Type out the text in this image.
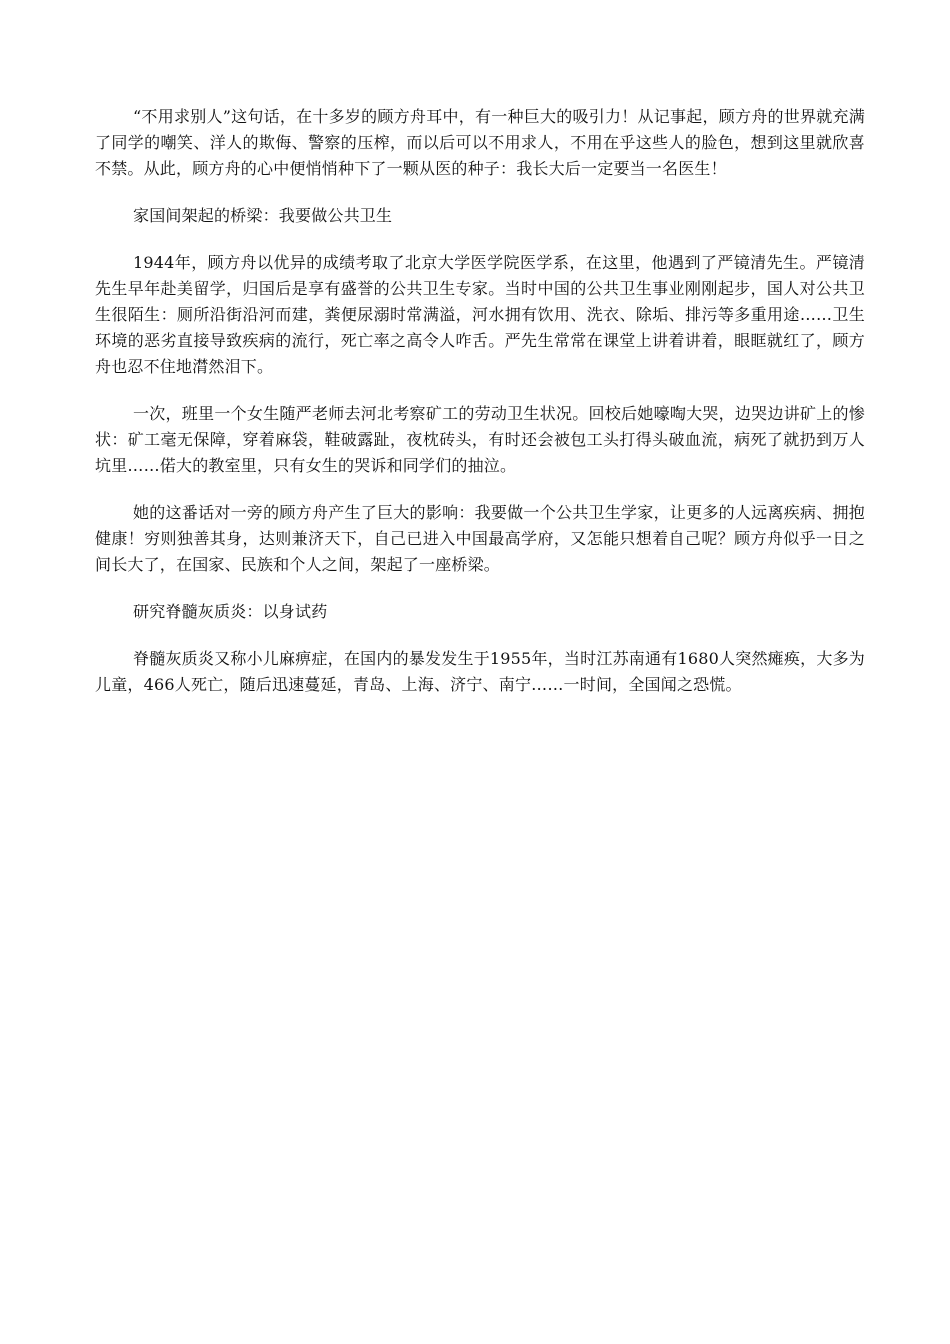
“不用求别人”这句话，在十多岁的顾方舟耳中，有一种巨大的吸引力！从记事起，顾方舟的世界就充满了同学的嘲笑、洋人的欺侮、警察的压榨，而以后可以不用求人，不用在乎这些人的脸色，想到这里就欣喜不禁。从此，顾方舟的心中便悄悄种下了一颗从医的种子：我长大后一定要当一名医生！

家国间架起的桥梁：我要做公共卫生

1944年，顾方舟以优异的成绩考取了北京大学医学院医学系，在这里，他遇到了严镜清先生。严镜清先生早年赴美留学，归国后是享有盛誉的公共卫生专家。当时中国的公共卫生事业刚刚起步，国人对公共卫生很陌生：厕所沿街沿河而建，粪便尿溺时常满溢，河水拥有饮用、洗衣、除垢、排污等多重用途……卫生环境的恶劣直接导致疾病的流行，死亡率之高令人咋舌。严先生常常在课堂上讲着讲着，眼眶就红了，顾方舟也忍不住地潸然泪下。

一次，班里一个女生随严老师去河北考察矿工的劳动卫生状况。回校后她嚎啕大哭，边哭边讲矿上的惨状：矿工毫无保障，穿着麻袋，鞋破露趾，夜枕砖头，有时还会被包工头打得头破血流，病死了就扔到万人坑里……偌大的教室里，只有女生的哭诉和同学们的抽泣。

她的这番话对一旁的顾方舟产生了巨大的影响：我要做一个公共卫生学家，让更多的人远离疾病、拥抱健康！穷则独善其身，达则兼济天下，自己已进入中国最高学府，又怎能只想着自己呢？顾方舟似乎一日之间长大了，在国家、民族和个人之间，架起了一座桥梁。

研究脊髓灰质炎：以身试药

脊髓灰质炎又称小儿麻痹症，在国内的暴发发生于1955年，当时江苏南通有1680人突然瘫痪，大多为儿童，466人死亡，随后迅速蔓延，青岛、上海、济宁、南宁……一时间，全国闻之恐慌。
